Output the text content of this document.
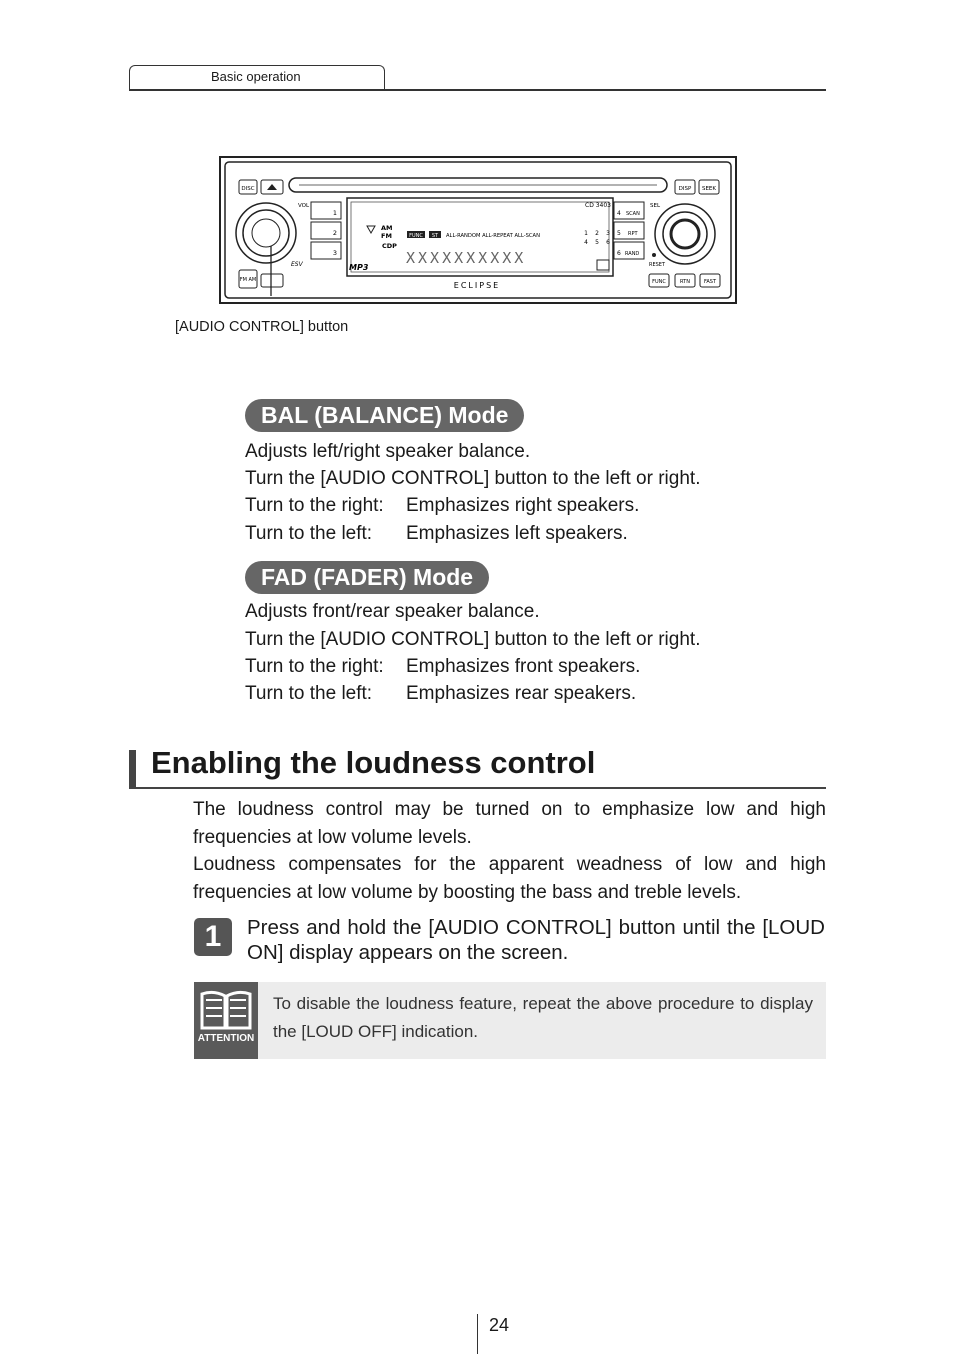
Basic operation
DISC
VOL
ESV
FM AM
1
2
3
CD 3403
AM
FM
CDP
FUNC ST ALL-RANDOM ALL-REPEAT ALL-SCAN	1 2 3
4 5 6
XXXXXXXXXX
MP3
ECLIPSE
4 SCAN
5 RPT
6 RAND
DISP SEEK
SEL
RESET
FUNC	RTN	FAST
[AUDIO CONTROL] button
BAL (BALANCE) Mode
Adjusts left/right speaker balance.
Turn the [AUDIO CONTROL] button to the left or right.
Turn to the right: Emphasizes right speakers.
Turn to the left: Emphasizes left speakers.
FAD (FADER) Mode
Adjusts front/rear speaker balance.
Turn the [AUDIO CONTROL] button to the left or right.
Turn to the right: Emphasizes front speakers.
Turn to the left: Emphasizes rear speakers.
Enabling the loudness control
The loudness control may be turned on to emphasize low and high frequencies at low volume levels.
Loudness compensates for the apparent weadness of low and high frequencies at low volume by boosting the bass and treble levels.
1	Press and hold the [AUDIO CONTROL] button until the [LOUD ON] display appears on the screen.
ATTENTION
To disable the loudness feature, repeat the above procedure to display the [LOUD OFF] indication.
24
